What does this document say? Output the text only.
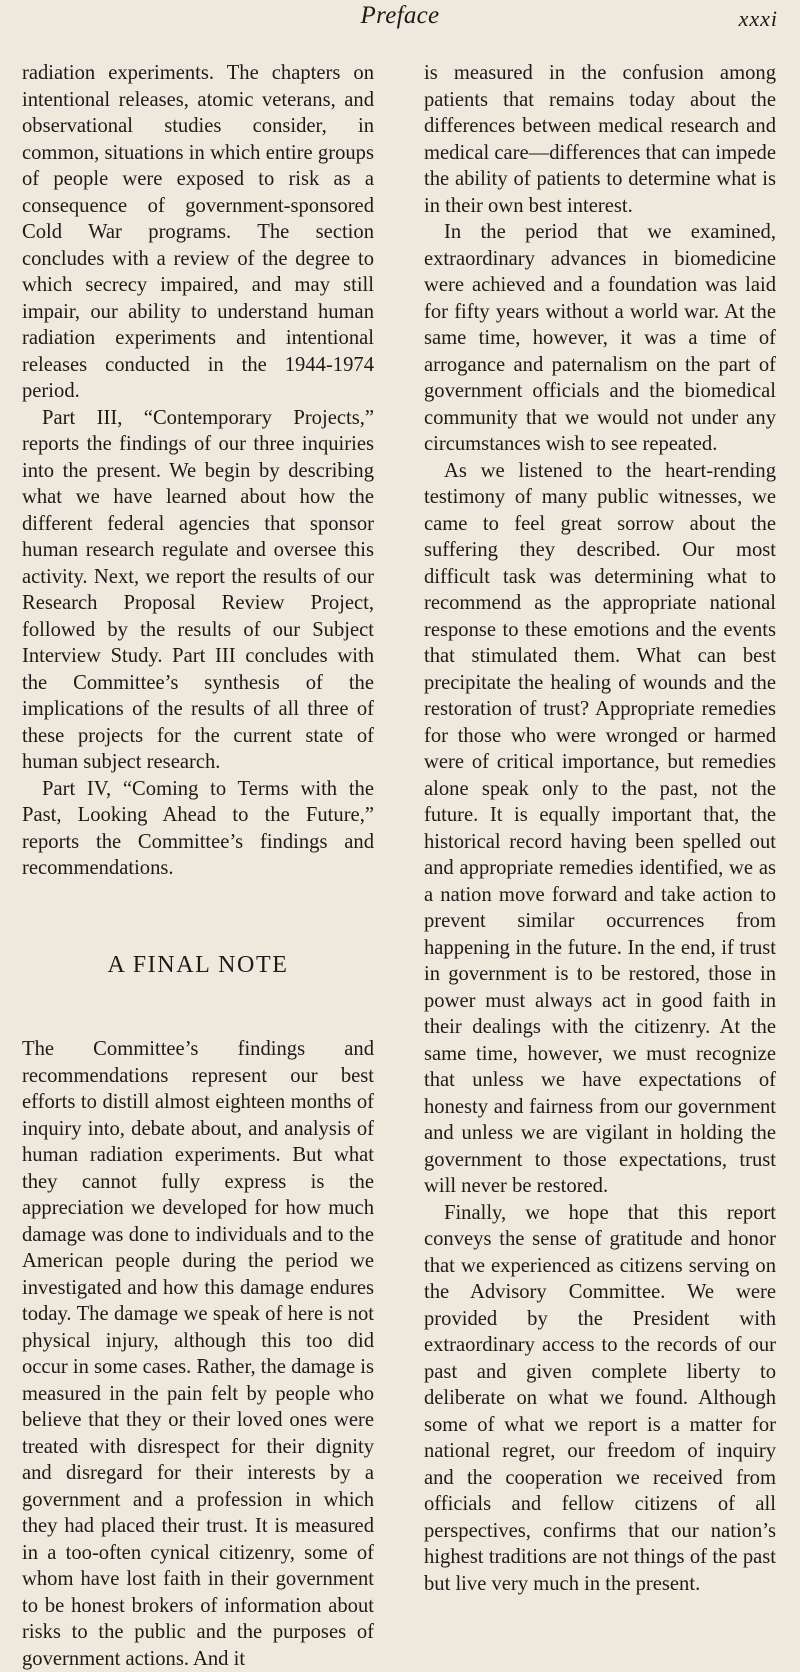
Preface	xxxi

radiation experiments. The chapters on intentional releases, atomic veterans, and observational studies consider, in common, situations in which entire groups of people were exposed to risk as a consequence of government-sponsored Cold War programs. The section concludes with a review of the degree to which secrecy impaired, and may still impair, our ability to understand human radiation experiments and intentional releases conducted in the 1944-1974 period.

Part III, “Contemporary Projects,” reports the findings of our three inquiries into the present. We begin by describing what we have learned about how the different federal agencies that sponsor human research regulate and oversee this activity. Next, we report the results of our Research Proposal Review Project, followed by the results of our Subject Interview Study. Part III concludes with the Committee’s synthesis of the implications of the results of all three of these projects for the current state of human subject research.

Part IV, “Coming to Terms with the Past, Looking Ahead to the Future,” reports the Committee’s findings and recommendations.

A FINAL NOTE

The Committee’s findings and recommendations represent our best efforts to distill almost eighteen months of inquiry into, debate about, and analysis of human radiation experiments. But what they cannot fully express is the appreciation we developed for how much damage was done to individuals and to the American people during the period we investigated and how this damage endures today. The damage we speak of here is not physical injury, although this too did occur in some cases. Rather, the damage is measured in the pain felt by people who believe that they or their loved ones were treated with disrespect for their dignity and disregard for their interests by a government and a profession in which they had placed their trust. It is measured in a too-often cynical citizenry, some of whom have lost faith in their government to be honest brokers of information about risks to the public and the purposes of government actions. And it

is measured in the confusion among patients that remains today about the differences between medical research and medical care—differences that can impede the ability of patients to determine what is in their own best interest.

In the period that we examined, extraordinary advances in biomedicine were achieved and a foundation was laid for fifty years without a world war. At the same time, however, it was a time of arrogance and paternalism on the part of government officials and the biomedical community that we would not under any circumstances wish to see repeated.

As we listened to the heart-rending testimony of many public witnesses, we came to feel great sorrow about the suffering they described. Our most difficult task was determining what to recommend as the appropriate national response to these emotions and the events that stimulated them. What can best precipitate the healing of wounds and the restoration of trust? Appropriate remedies for those who were wronged or harmed were of critical importance, but remedies alone speak only to the past, not the future. It is equally important that, the historical record having been spelled out and appropriate remedies identified, we as a nation move forward and take action to prevent similar occurrences from happening in the future. In the end, if trust in government is to be restored, those in power must always act in good faith in their dealings with the citizenry. At the same time, however, we must recognize that unless we have expectations of honesty and fairness from our government and unless we are vigilant in holding the government to those expectations, trust will never be restored.

Finally, we hope that this report conveys the sense of gratitude and honor that we experienced as citizens serving on the Advisory Committee. We were provided by the President with extraordinary access to the records of our past and given complete liberty to deliberate on what we found. Although some of what we report is a matter for national regret, our freedom of inquiry and the cooperation we received from officials and fellow citizens of all perspectives, confirms that our nation’s highest traditions are not things of the past but live very much in the present.
